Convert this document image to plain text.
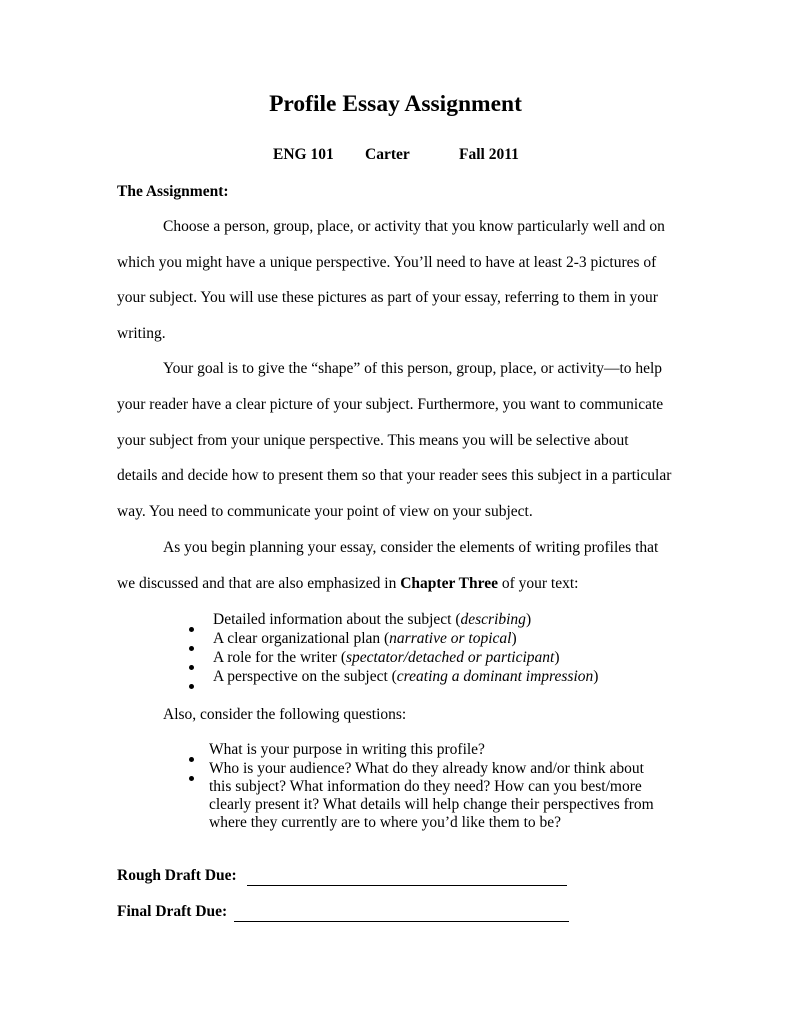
Profile Essay Assignment
ENG 101 Carter	Fall 2011
The Assignment:
Choose a person, group, place, or activity that you know particularly well and on
which you might have a unique perspective. You’ll need to have at least 2-3 pictures of
your subject. You will use these pictures as part of your essay, referring to them in your
writing.
Your goal is to give the “shape” of this person, group, place, or activity—to help
your reader have a clear picture of your subject. Furthermore, you want to communicate
your subject from your unique perspective. This means you will be selective about
details and decide how to present them so that your reader sees this subject in a particular
way. You need to communicate your point of view on your subject.
As you begin planning your essay, consider the elements of writing profiles that
we discussed and that are also emphasized in Chapter Three of your text:
Detailed information about the subject (describing)
A clear organizational plan (narrative or topical)
A role for the writer (spectator/detached or participant)
A perspective on the subject (creating a dominant impression)
Also, consider the following questions:
What is your purpose in writing this profile?
Who is your audience? What do they already know and/or think about
this subject? What information do they need? How can you best/more
clearly present it? What details will help change their perspectives from
where they currently are to where you’d like them to be?
Rough Draft Due:
Final Draft Due:
